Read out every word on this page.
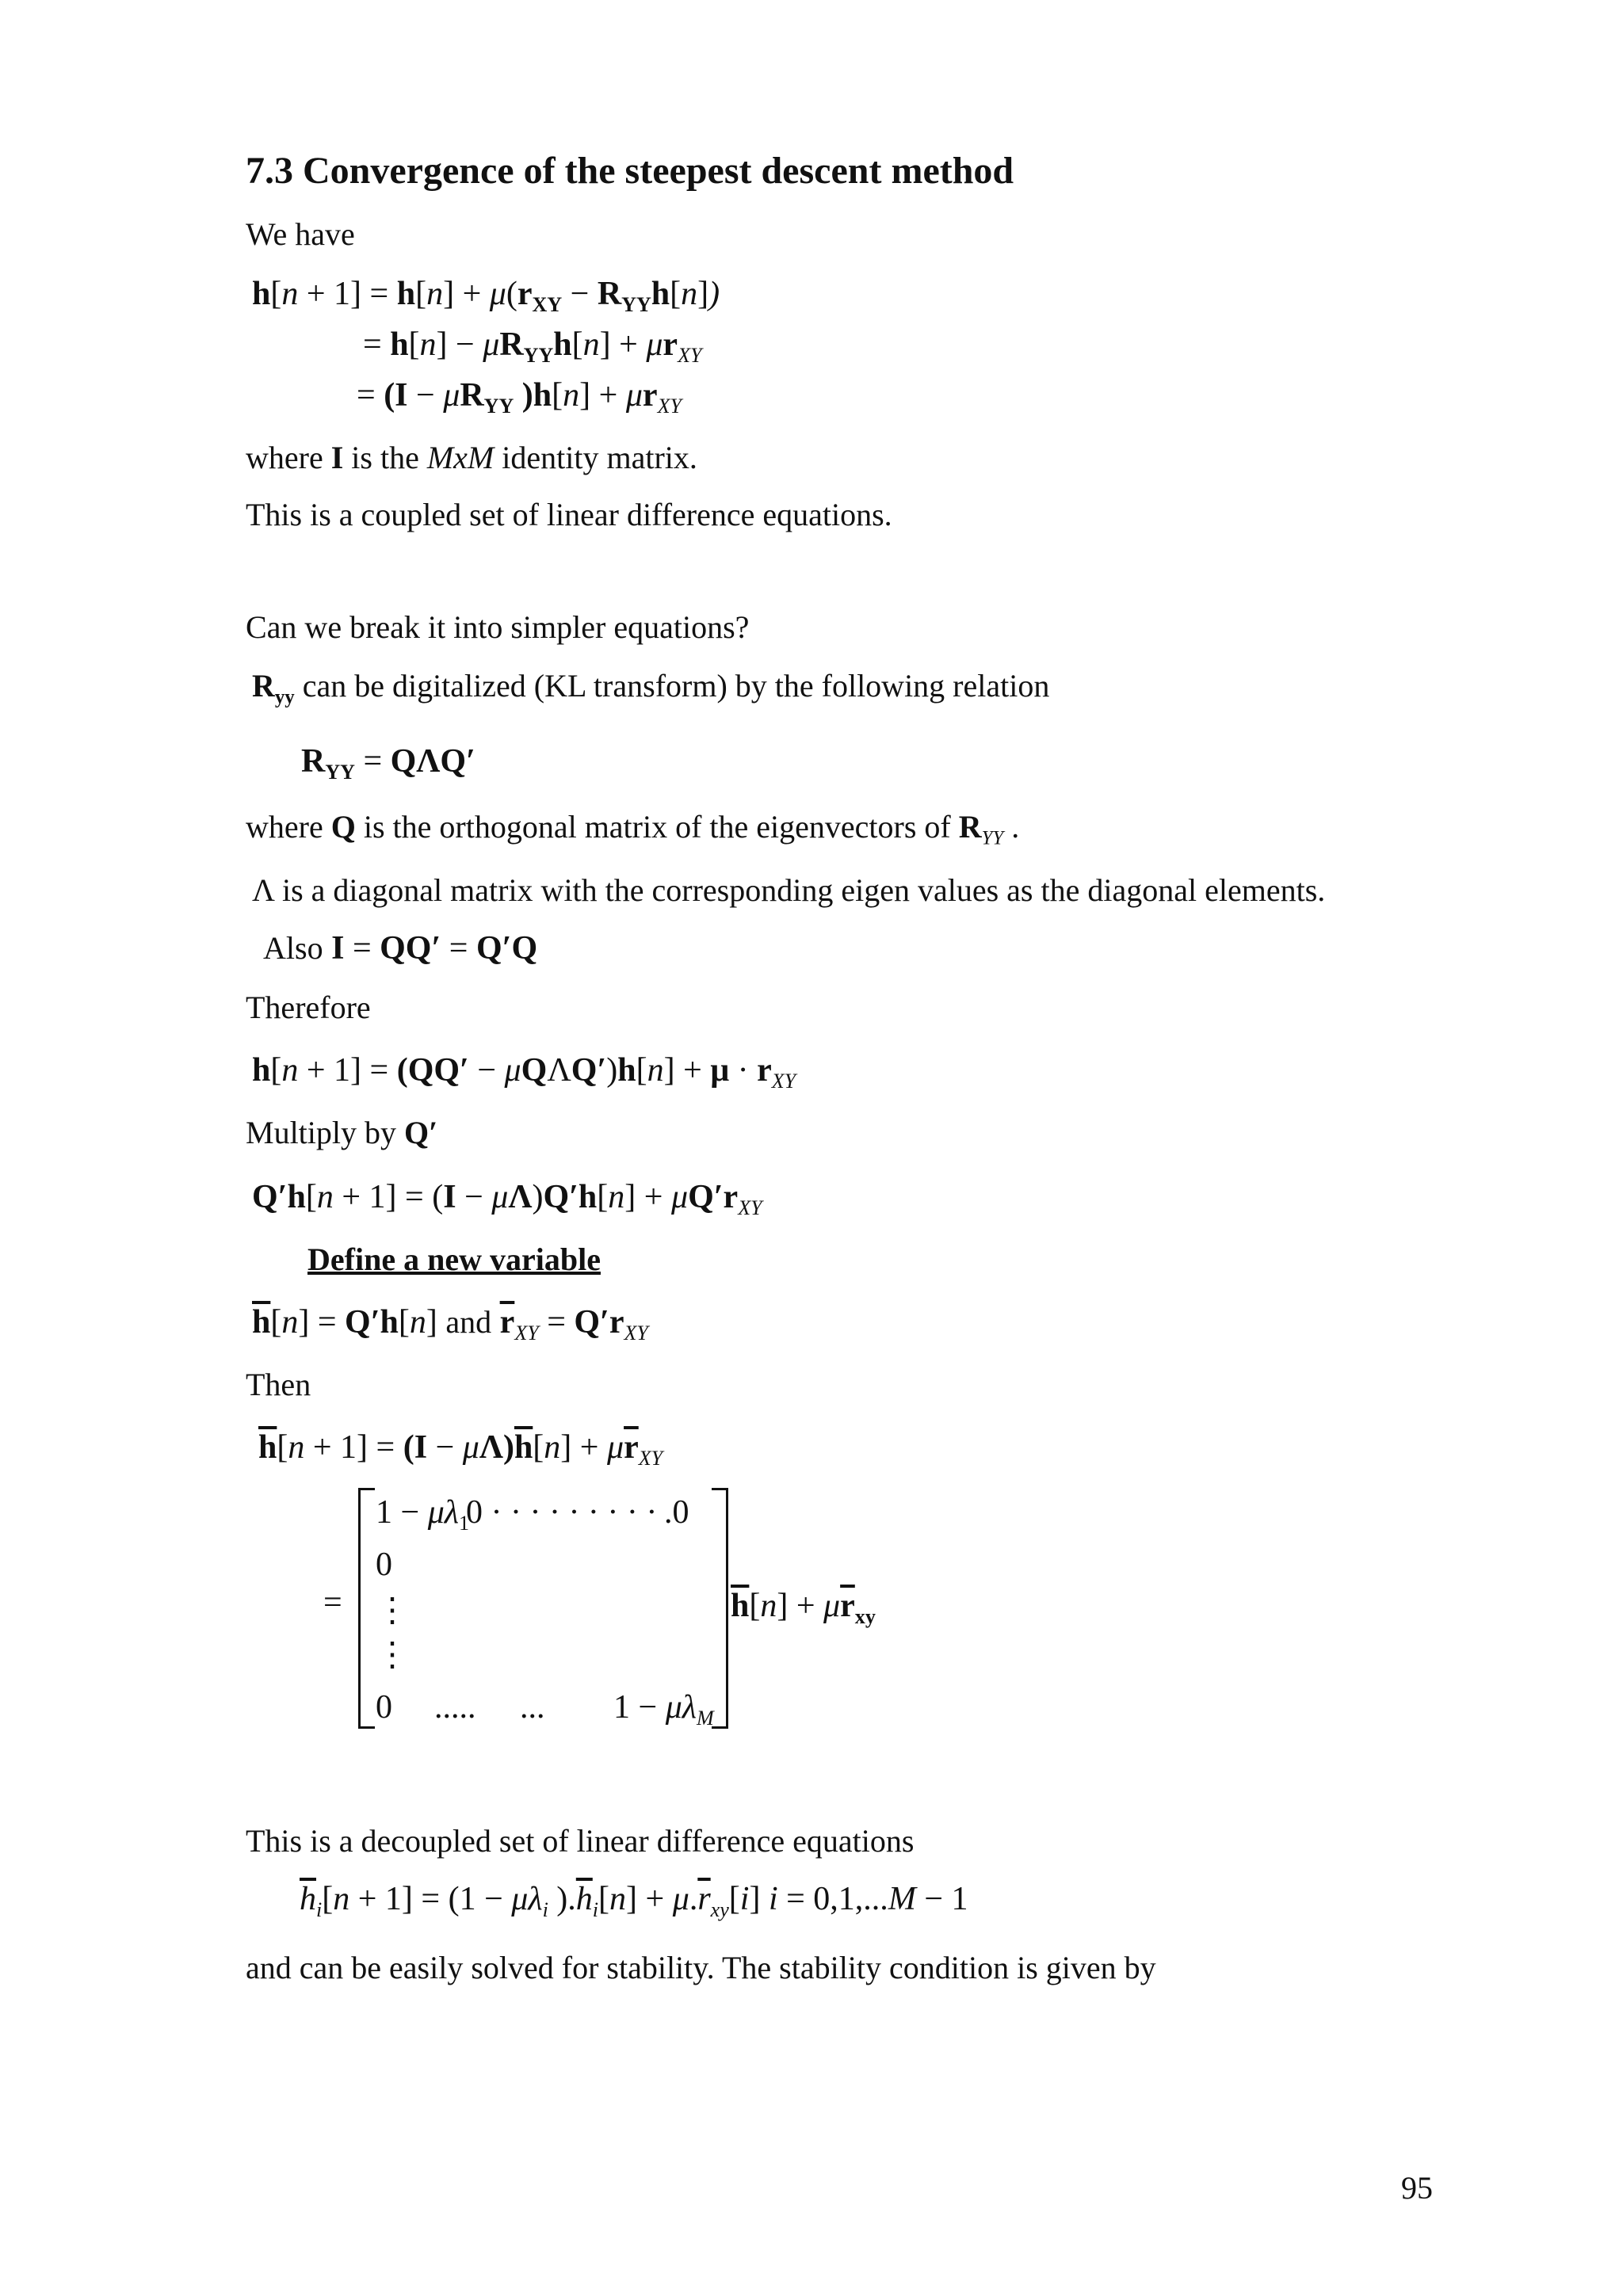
7.3 Convergence of the steepest descent method
We have
$h[n + 1] = h[n] + \mu(r_{XY} - R_{YY}h[n])$
= $h[n] - \mu R_{YY}h[n] + \mu r_{XY}$
= ($I - \mu R_{YY}$ )$h[n] + \mu r_{XY}$
where I is the MxM identity matrix.
This is a coupled set of linear difference equations.
Can we break it into simpler equations?
$R_{yy}$ can be digitalized (KL transform) by the following relation
$R_{YY} = Q\Lambda Q'$
where Q is the orthogonal matrix of the eigenvectors of $R_{YY}$ .
Λ is a diagonal matrix with the corresponding eigen values as the diagonal elements.
Also I = QQ′ = Q′Q
Therefore
$h[n + 1] = (QQ' - \mu Q\Lambda Q')h[n] + \mu \cdot r_{XY}$
Multiply by Q′
$Q'h[n + 1] = (I - \mu\Lambda)Q'h[n] + \mu Q'r_{XY}$
Define a new variable
$\overline{h}[n] = Q'h[n]$ and $\overline{r}_{XY} = Q'r_{XY}$
Then
$\overline{h}[n + 1] = (I - \mu\Lambda)\overline{h}[n] + \mu\overline{r}_{XY}$
=
$1 - \mu\lambda_1$
0 · · · · · · · · · .0
0
⋮
⋮
0 ..... ... $1 - \mu\lambda_M$
$\overline{h}[n] + \mu\overline{r}_{xy}$
This is a decoupled set of linear difference equations
$\overline{h}_i[n + 1] = (1 - \mu\lambda_i$ )$.\overline{h}_i[n] + \mu.\overline{r}_{xy}[i] i = 0,1,...M - 1$
and can be easily solved for stability. The stability condition is given by
95
